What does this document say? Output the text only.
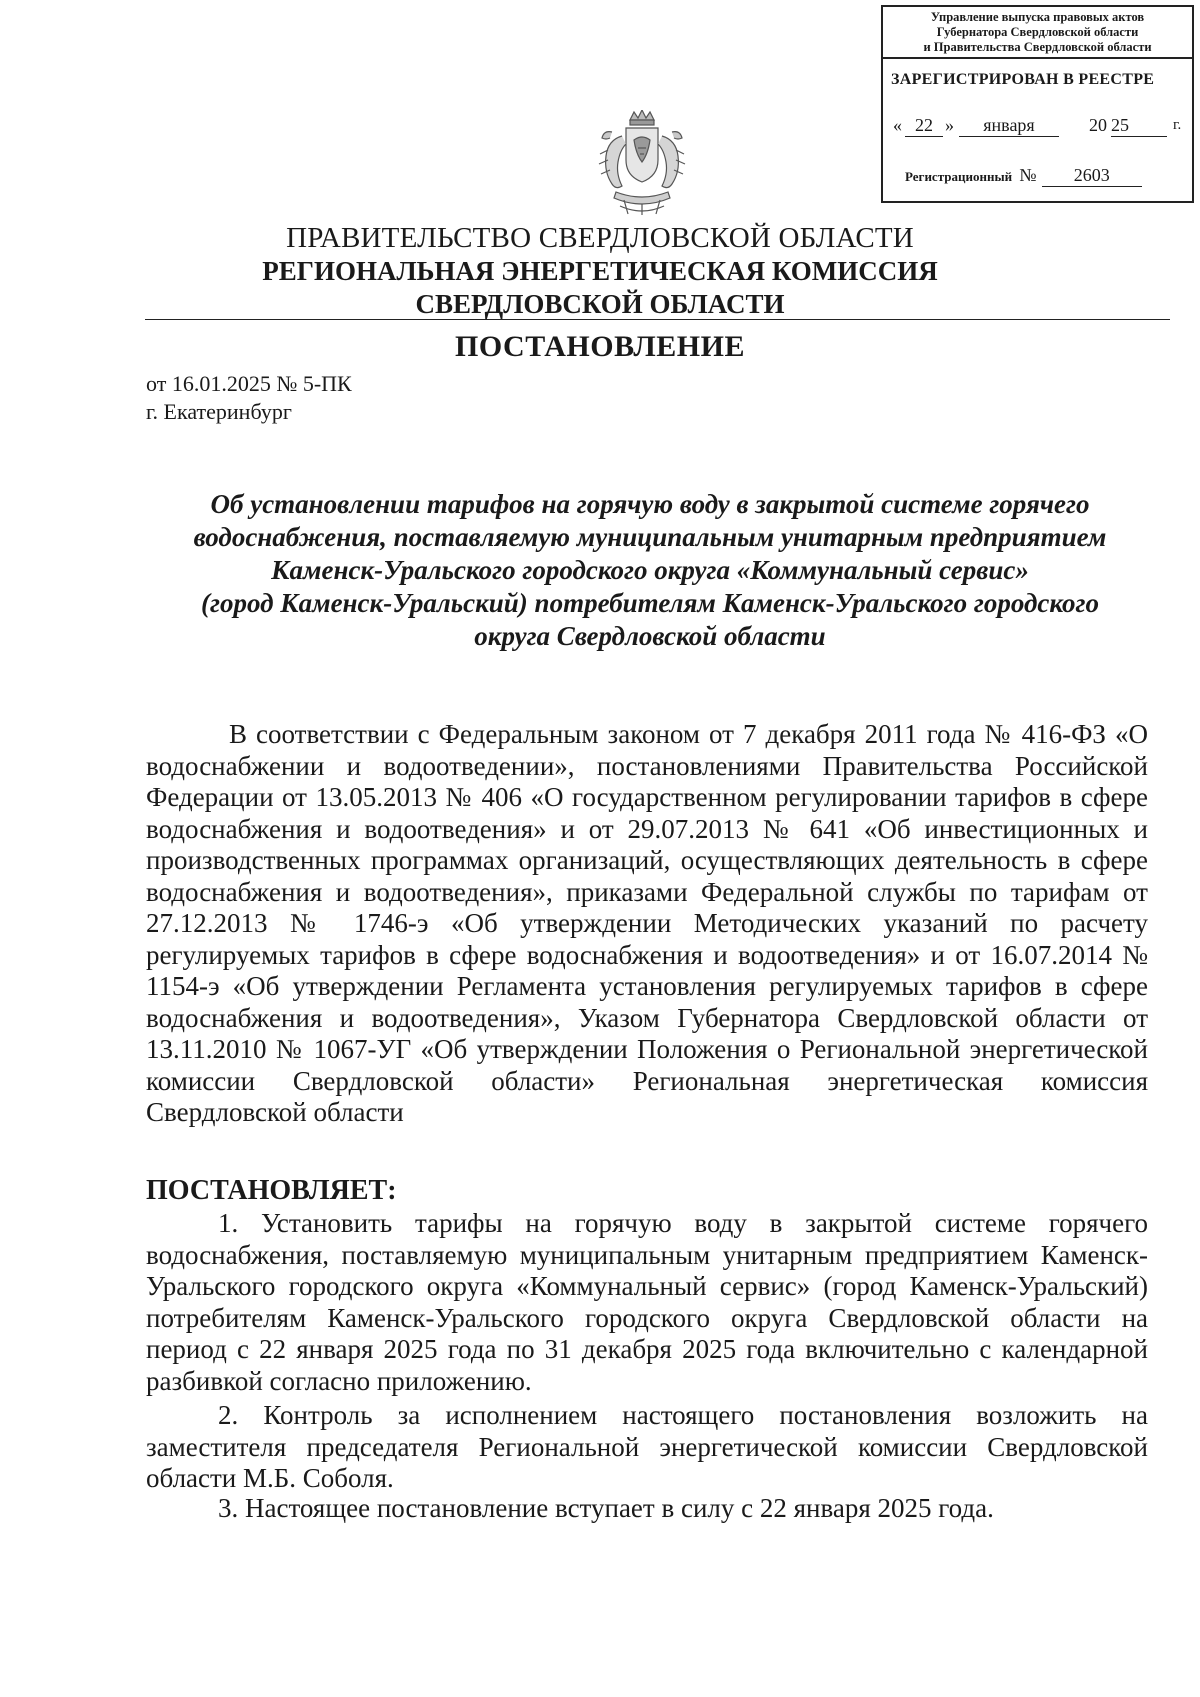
Управление выпуска правовых актов
Губернатора Свердловской области
и Правительства Свердловской области
ЗАРЕГИСТРИРОВАН В РЕЕСТРЕ
« 22 »	января	20 25	г.
Регистрационный № 2603
ПРАВИТЕЛЬСТВО СВЕРДЛОВСКОЙ ОБЛАСТИ
РЕГИОНАЛЬНАЯ ЭНЕРГЕТИЧЕСКАЯ КОМИССИЯ
СВЕРДЛОВСКОЙ ОБЛАСТИ
ПОСТАНОВЛЕНИЕ
от 16.01.2025 № 5-ПК
г. Екатеринбург
Об установлении тарифов на горячую воду в закрытой системе горячего
водоснабжения, поставляемую муниципальным унитарным предприятием
Каменск-Уральского городского округа «Коммунальный сервис»
(город Каменск-Уральский) потребителям Каменск-Уральского городского
округа Свердловской области
В соответствии с Федеральным законом от 7 декабря 2011 года № 416-ФЗ «О водоснабжении и водоотведении», постановлениями Правительства Российской Федерации от 13.05.2013 № 406 «О государственном регулировании тарифов в сфере водоснабжения и водоотведения» и от 29.07.2013 № 641 «Об инвестиционных и производственных программах организаций, осуществляющих деятельность в сфере водоснабжения и водоотведения», приказами Федеральной службы по тарифам от 27.12.2013 № 1746-э «Об утверждении Методических указаний по расчету регулируемых тарифов в сфере водоснабжения и водоотведения» и от 16.07.2014 № 1154-э «Об утверждении Регламента установления регулируемых тарифов в сфере водоснабжения и водоотведения», Указом Губернатора Свердловской области от 13.11.2010 № 1067-УГ «Об утверждении Положения о Региональной энергетической комиссии Свердловской области» Региональная энергетическая комиссия Свердловской области
ПОСТАНОВЛЯЕТ:
1. Установить тарифы на горячую воду в закрытой системе горячего водоснабжения, поставляемую муниципальным унитарным предприятием Каменск-Уральского городского округа «Коммунальный сервис» (город Каменск-Уральский) потребителям Каменск-Уральского городского округа Свердловской области на период с 22 января 2025 года по 31 декабря 2025 года включительно с календарной разбивкой согласно приложению.
2. Контроль за исполнением настоящего постановления возложить на заместителя председателя Региональной энергетической комиссии Свердловской области М.Б. Соболя.
3. Настоящее постановление вступает в силу с 22 января 2025 года.
